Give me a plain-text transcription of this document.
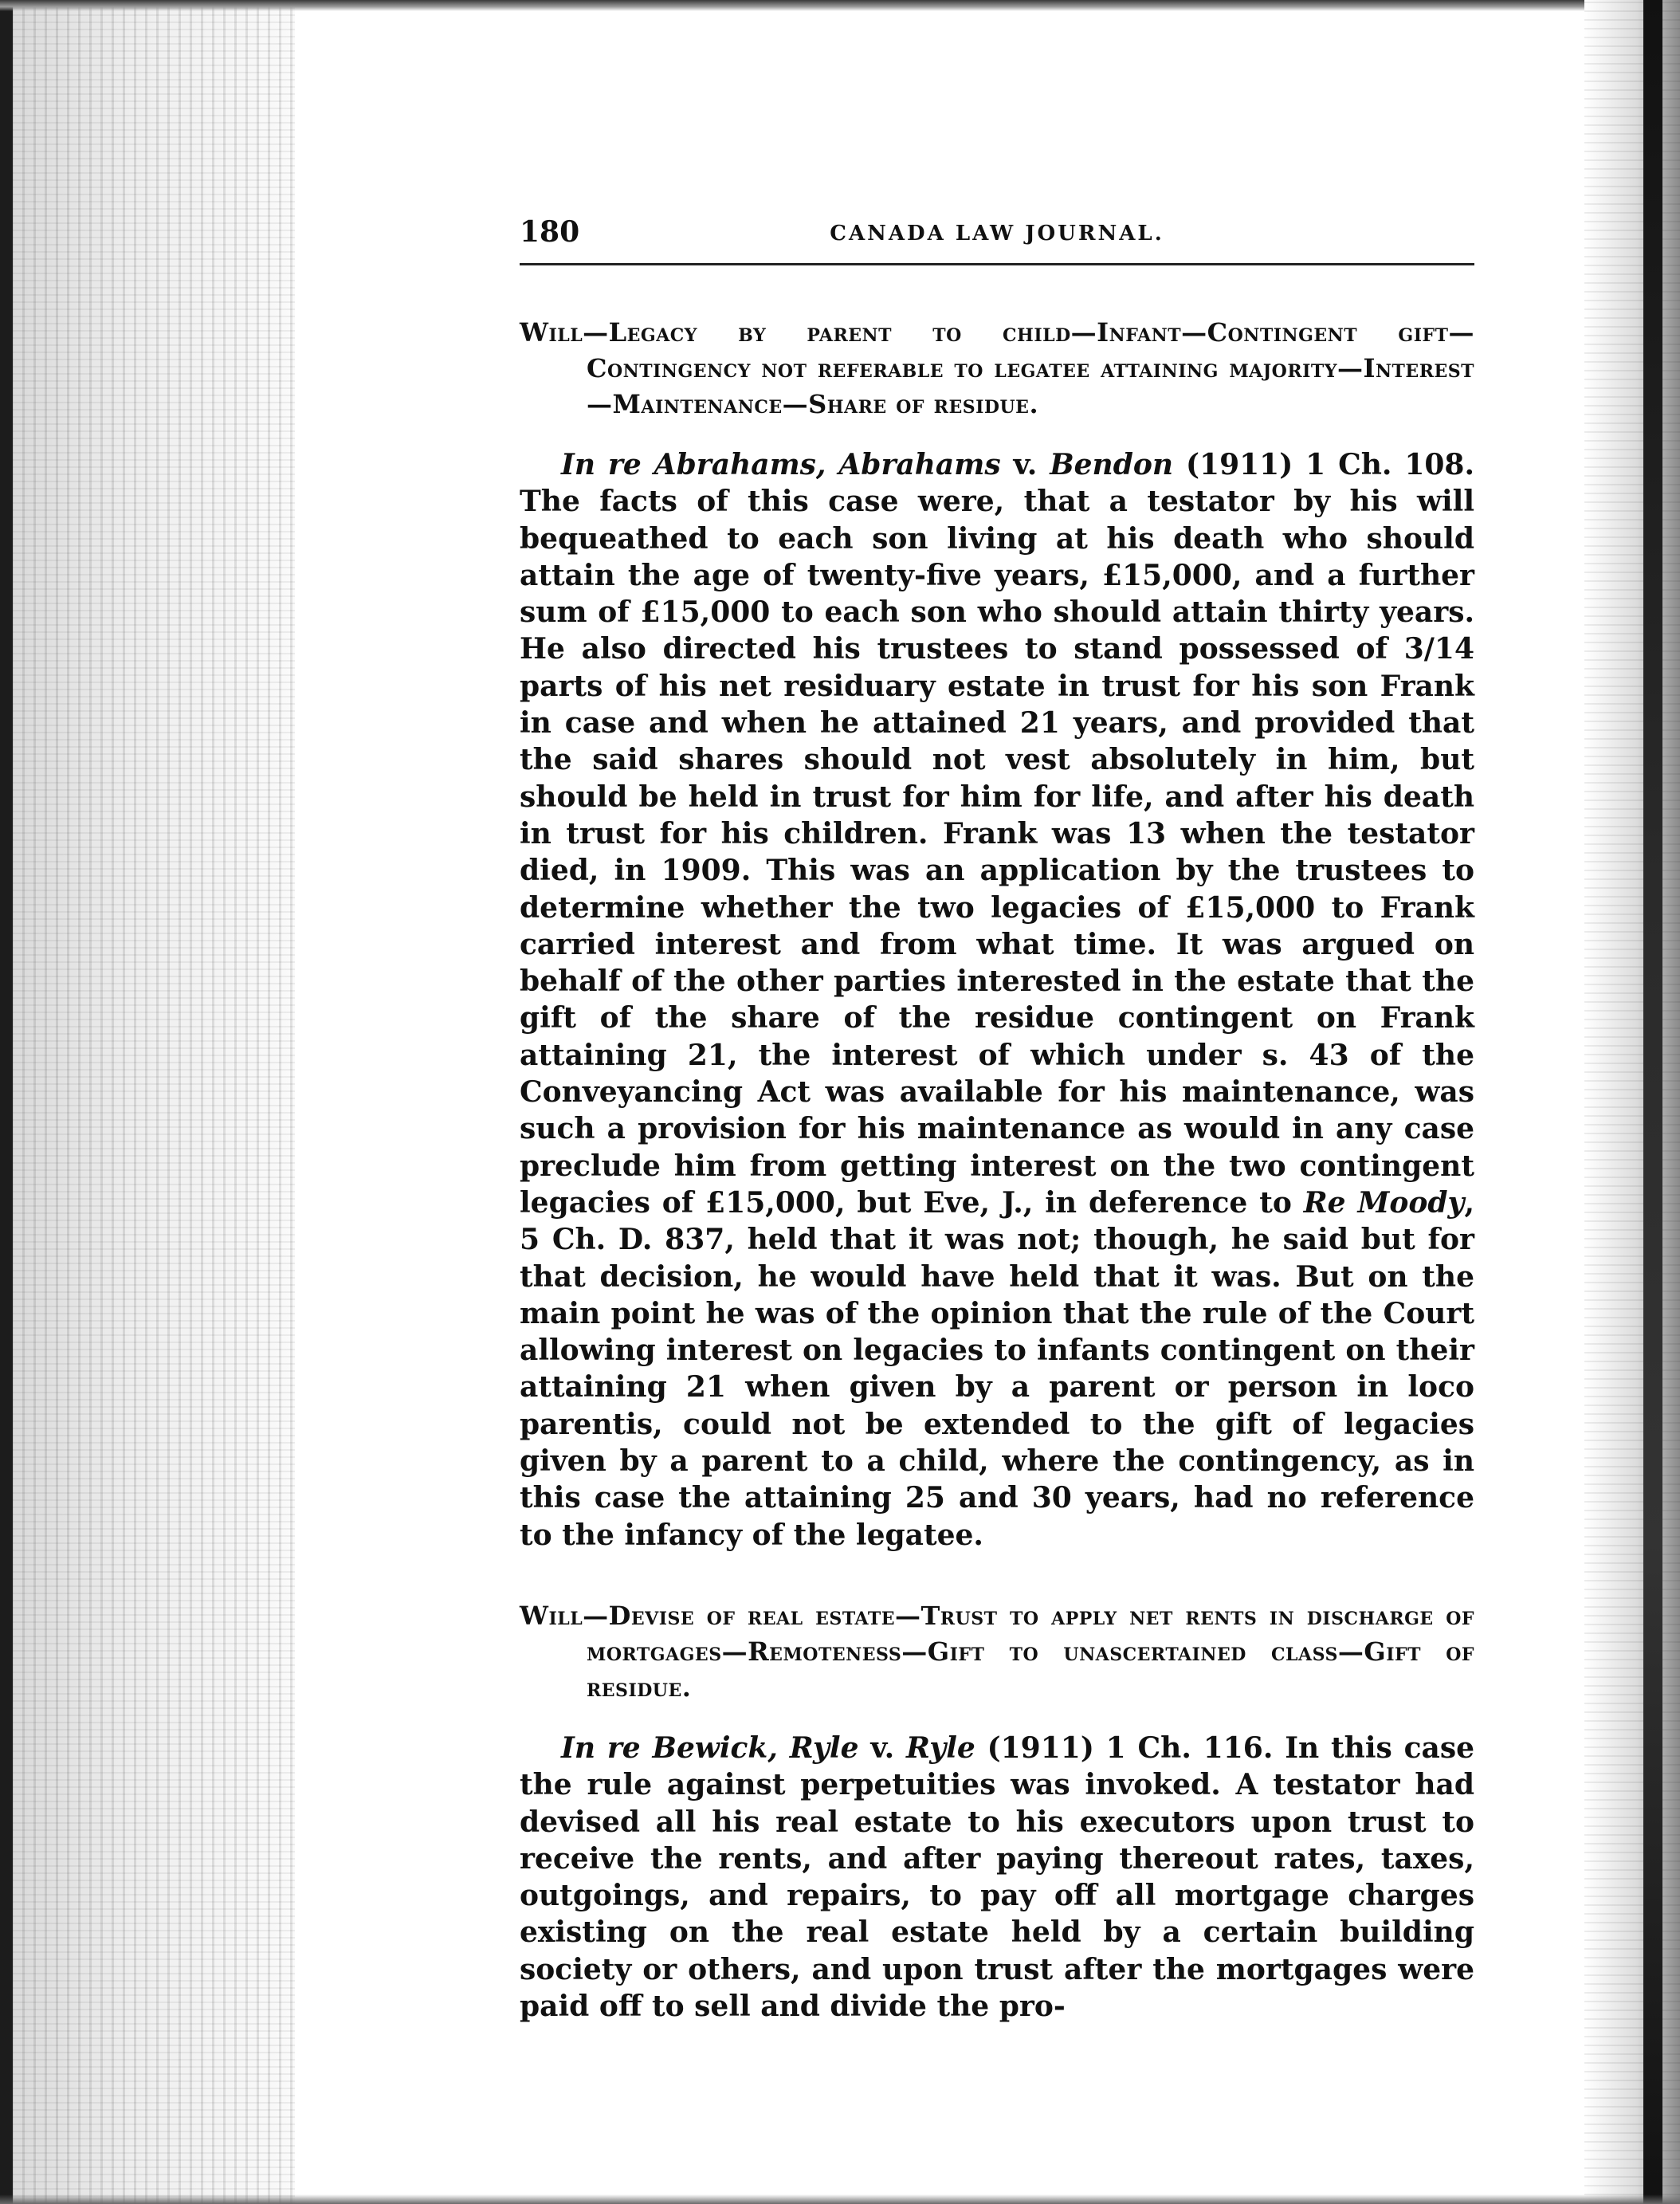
180	CANADA LAW JOURNAL.

Will—Legacy by parent to child—Infant—Contingent gift—Contingency not referable to legatee attaining majority—Interest—Maintenance—Share of residue.

In re Abrahams, Abrahams v. Bendon (1911) 1 Ch. 108. The facts of this case were, that a testator by his will bequeathed to each son living at his death who should attain the age of twenty-five years, £15,000, and a further sum of £15,000 to each son who should attain thirty years. He also directed his trustees to stand possessed of 3/14 parts of his net residuary estate in trust for his son Frank in case and when he attained 21 years, and provided that the said shares should not vest absolutely in him, but should be held in trust for him for life, and after his death in trust for his children. Frank was 13 when the testator died, in 1909. This was an application by the trustees to determine whether the two legacies of £15,000 to Frank carried interest and from what time. It was argued on behalf of the other parties interested in the estate that the gift of the share of the residue contingent on Frank attaining 21, the interest of which under s. 43 of the Conveyancing Act was available for his maintenance, was such a provision for his maintenance as would in any case preclude him from getting interest on the two contingent legacies of £15,000, but Eve, J., in deference to Re Moody, 5 Ch. D. 837, held that it was not; though, he said but for that decision, he would have held that it was. But on the main point he was of the opinion that the rule of the Court allowing interest on legacies to infants contingent on their attaining 21 when given by a parent or person in loco parentis, could not be extended to the gift of legacies given by a parent to a child, where the contingency, as in this case the attaining 25 and 30 years, had no reference to the infancy of the legatee.

Will—Devise of real estate—Trust to apply net rents in discharge of mortgages—Remoteness—Gift to unascertained class—Gift of residue.

In re Bewick, Ryle v. Ryle (1911) 1 Ch. 116. In this case the rule against perpetuities was invoked. A testator had devised all his real estate to his executors upon trust to receive the rents, and after paying thereout rates, taxes, outgoings, and repairs, to pay off all mortgage charges existing on the real estate held by a certain building society or others, and upon trust after the mortgages were paid off to sell and divide the pro-
